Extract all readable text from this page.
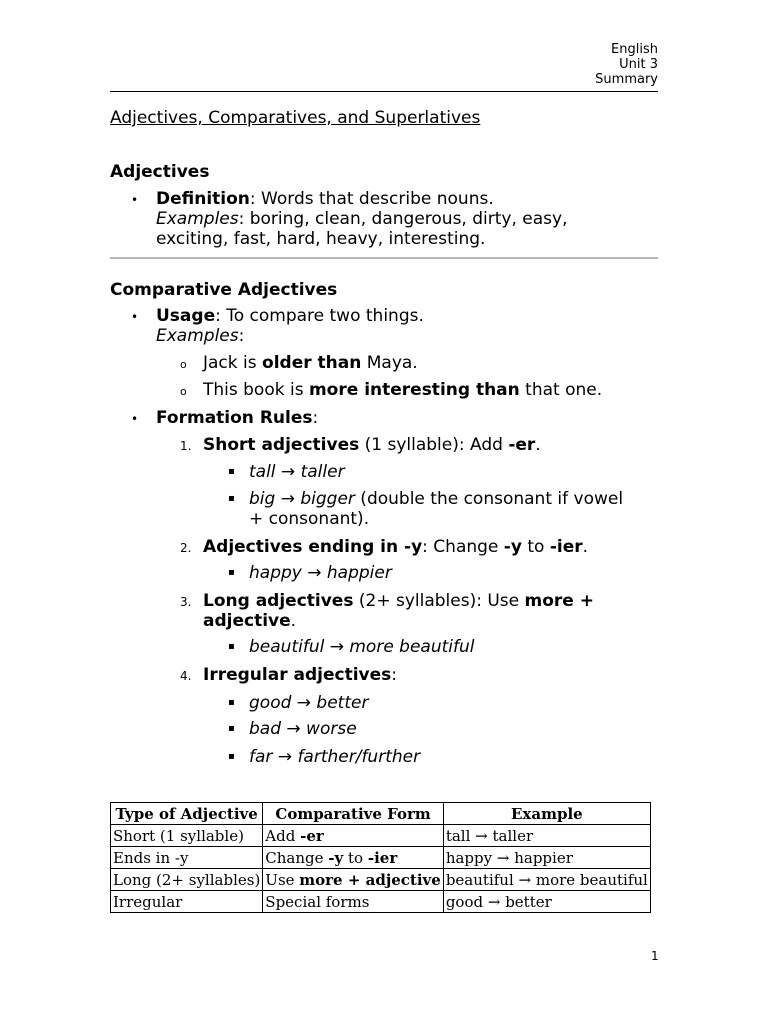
English
Unit 3
Summary
Adjectives, Comparatives, and Superlatives
Adjectives
• Definition: Words that describe nouns.
Examples: boring, clean, dangerous, dirty, easy,
exciting, fast, hard, heavy, interesting.
Comparative Adjectives
• Usage: To compare two things.
Examples:
o Jack is older than Maya.
o This book is more interesting than that one.
• Formation Rules:
1. Short adjectives (1 syllable): Add -er.
▪ tall → taller
▪ big → bigger (double the consonant if vowel
+ consonant).
2. Adjectives ending in -y: Change -y to -ier.
▪ happy → happier
3. Long adjectives (2+ syllables): Use more +
adjective.
▪ beautiful → more beautiful
4. Irregular adjectives:
▪ good → better
▪ bad → worse
▪ far → farther/further
Type of Adjective	Comparative Form	Example
Short (1 syllable)	Add -er	tall → taller
Ends in -y	Change -y to -ier	happy → happier
Long (2+ syllables)	Use more + adjective	beautiful → more beautiful
Irregular	Special forms	good → better
1
